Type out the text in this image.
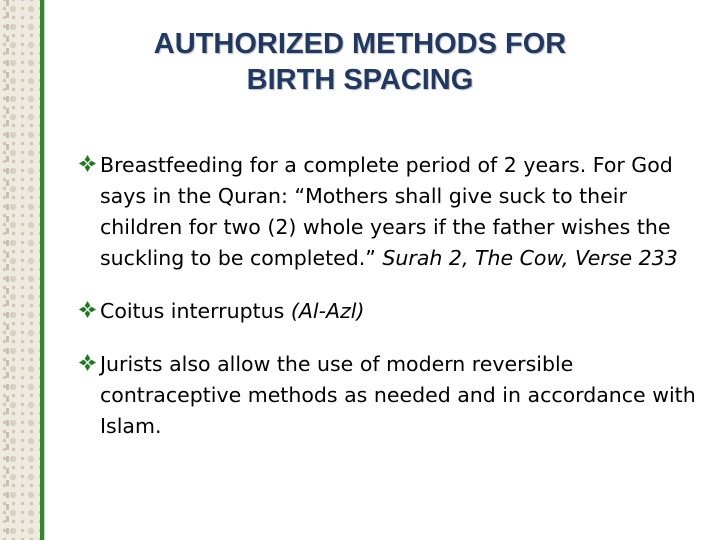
AUTHORIZED METHODS FOR
BIRTH SPACING
Breastfeeding for a complete period of 2 years. For God says in the Quran: “Mothers shall give suck to their children for two (2) whole years if the father wishes the suckling to be completed.” Surah 2, The Cow, Verse 233
Coitus interruptus (Al-Azl)
Jurists also allow the use of modern reversible contraceptive methods as needed and in accordance with Islam.
